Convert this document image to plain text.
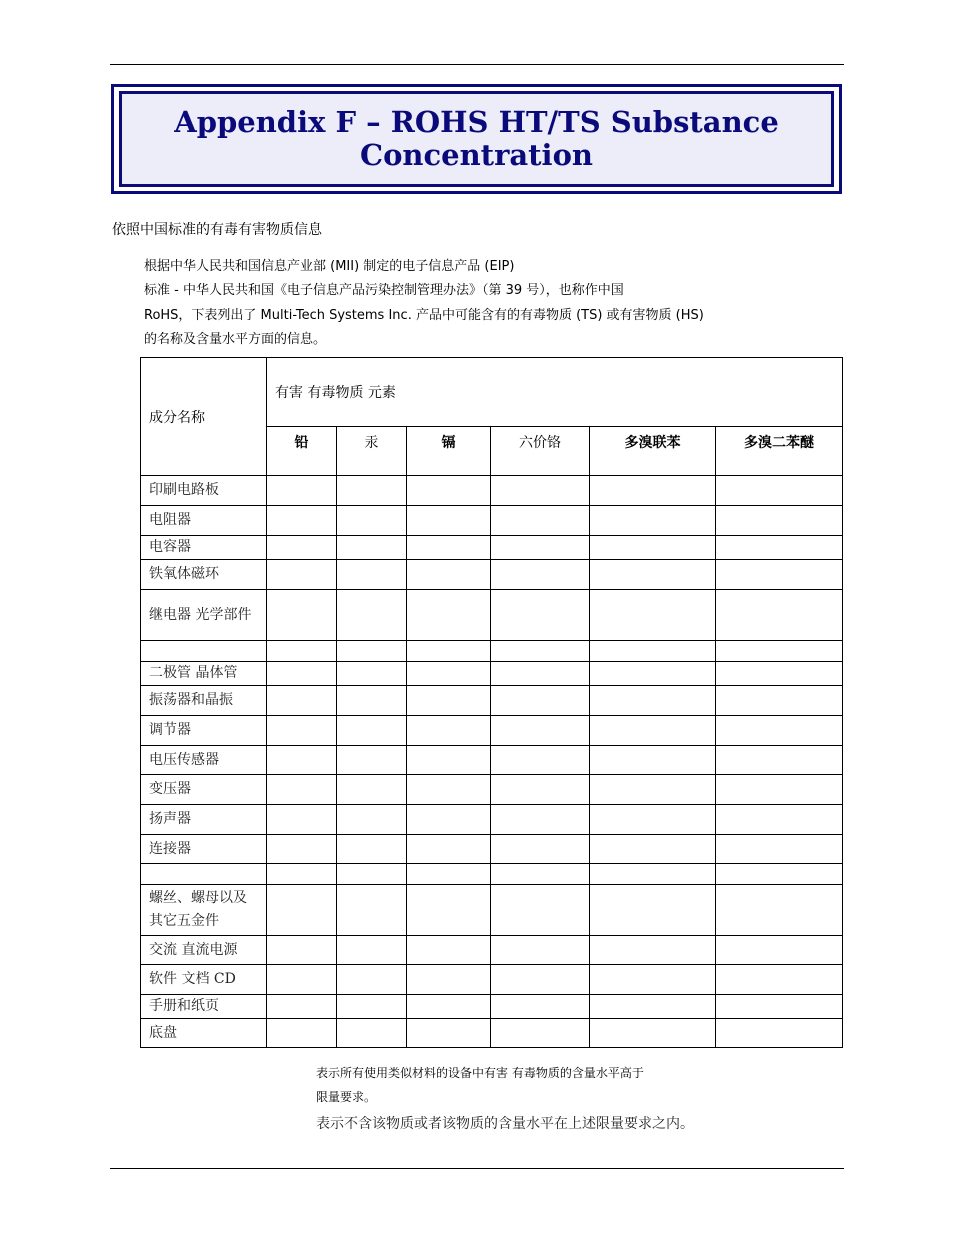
Appendix F – ROHS HT/TS Substance
Concentration

依照中国标准的有毒有害物质信息
根据中华人民共和国信息产业部 (MII) 制定的电子信息产品 (EIP)
标准 - 中华人民共和国《电子信息产品污染控制管理办法》（第 39 号），也称作中国
RoHS，下表列出了 Multi-Tech Systems Inc. 产品中可能含有的有毒物质 (TS) 或有害物质 (HS)
的名称及含量水平方面的信息。
成分名称	有害 有毒物质 元素					
	铅	汞	镉	六价铬	多溴联苯	多溴二苯醚
印刷电路板						
电阻器						
电容器						
铁氧体磁环						
继电器 光学部件						

二极管 晶体管						
振荡器和晶振						
调节器						
电压传感器						
变压器						
扬声器						
连接器						

螺丝、螺母以及其它五金件						
交流 直流电源						
软件 文档 CD						
手册和纸页						
底盘						
表示所有使用类似材料的设备中有害 有毒物质的含量水平高于
限量要求。
表示不含该物质或者该物质的含量水平在上述限量要求之内。
